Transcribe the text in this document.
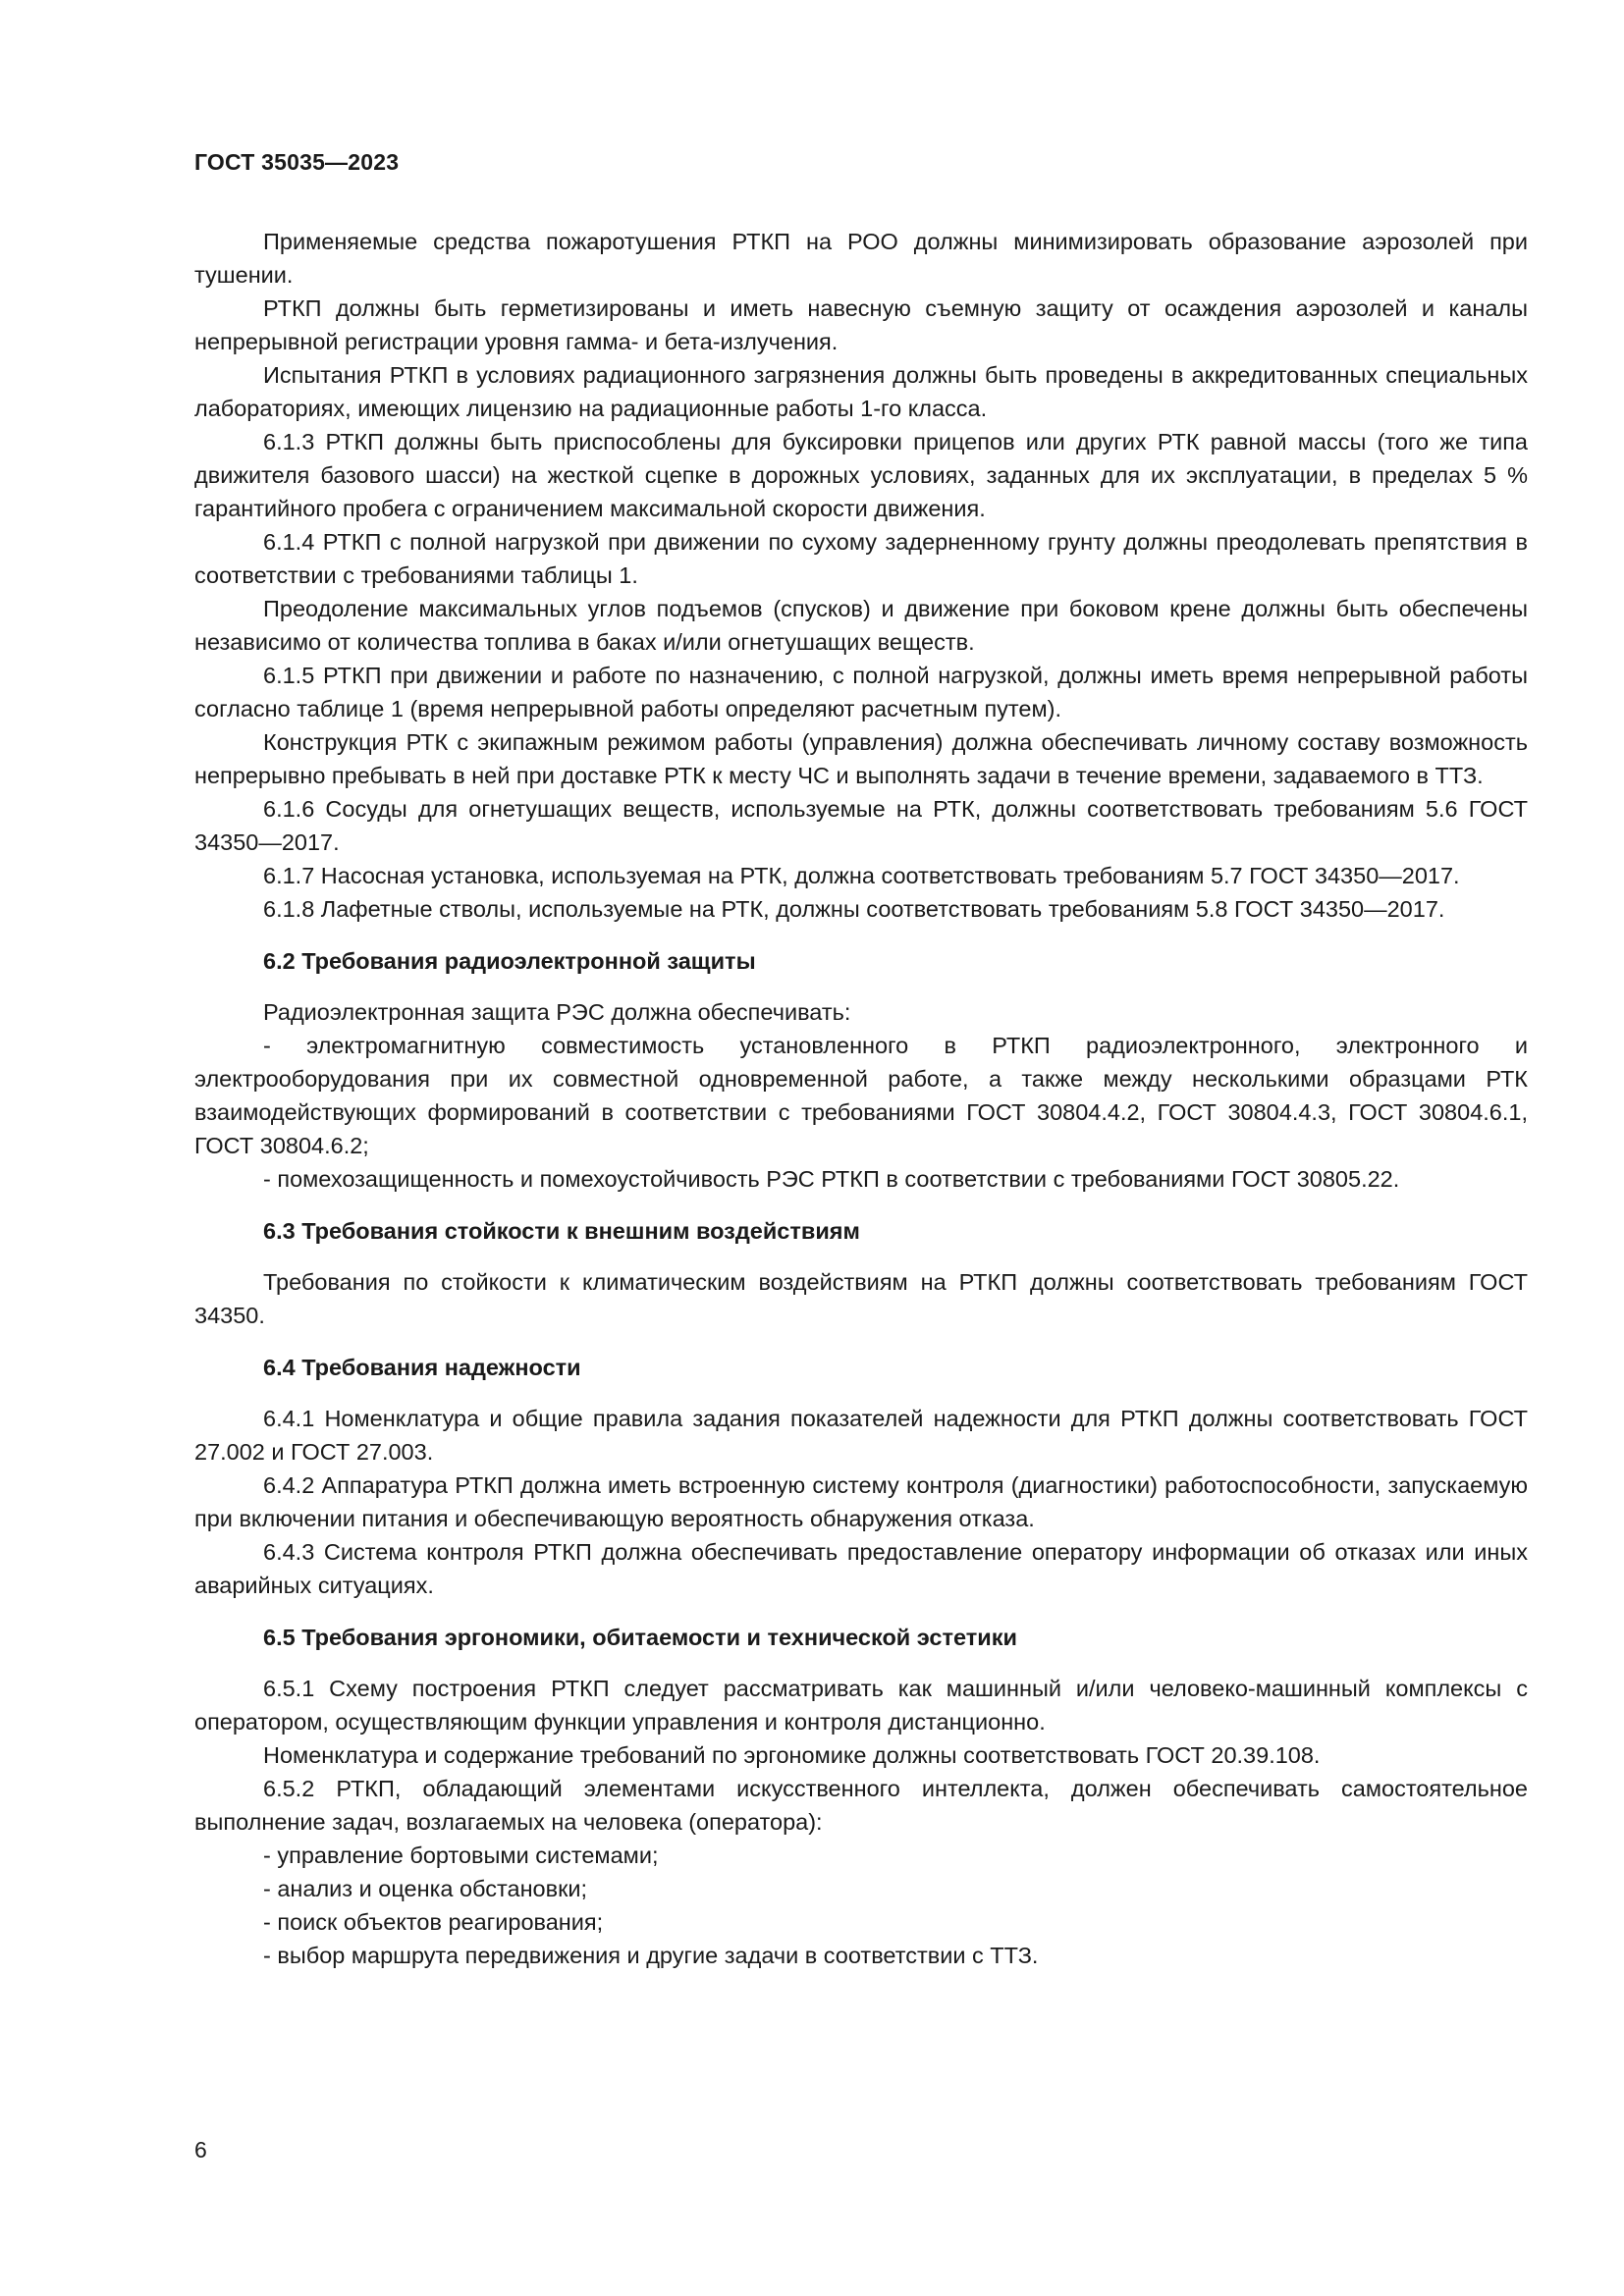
ГОСТ 35035—2023

Применяемые средства пожаротушения РТКП на РОО должны минимизировать образование аэрозолей при тушении.

РТКП должны быть герметизированы и иметь навесную съемную защиту от осаждения аэрозолей и каналы непрерывной регистрации уровня гамма- и бета-излучения.

Испытания РТКП в условиях радиационного загрязнения должны быть проведены в аккредитованных специальных лабораториях, имеющих лицензию на радиационные работы 1-го класса.

6.1.3 РТКП должны быть приспособлены для буксировки прицепов или других РТК равной массы (того же типа движителя базового шасси) на жесткой сцепке в дорожных условиях, заданных для их эксплуатации, в пределах 5 % гарантийного пробега с ограничением максимальной скорости движения.

6.1.4 РТКП с полной нагрузкой при движении по сухому задерненному грунту должны преодолевать препятствия в соответствии с требованиями таблицы 1.

Преодоление максимальных углов подъемов (спусков) и движение при боковом крене должны быть обеспечены независимо от количества топлива в баках и/или огнетушащих веществ.

6.1.5 РТКП при движении и работе по назначению, с полной нагрузкой, должны иметь время непрерывной работы согласно таблице 1 (время непрерывной работы определяют расчетным путем).

Конструкция РТК с экипажным режимом работы (управления) должна обеспечивать личному составу возможность непрерывно пребывать в ней при доставке РТК к месту ЧС и выполнять задачи в течение времени, задаваемого в ТТЗ.

6.1.6 Сосуды для огнетушащих веществ, используемые на РТК, должны соответствовать требованиям 5.6 ГОСТ 34350—2017.

6.1.7 Насосная установка, используемая на РТК, должна соответствовать требованиям 5.7 ГОСТ 34350—2017.

6.1.8 Лафетные стволы, используемые на РТК, должны соответствовать требованиям 5.8 ГОСТ 34350—2017.

6.2 Требования радиоэлектронной защиты

Радиоэлектронная защита РЭС должна обеспечивать:

- электромагнитную совместимость установленного в РТКП радиоэлектронного, электронного и электрооборудования при их совместной одновременной работе, а также между несколькими образцами РТК взаимодействующих формирований в соответствии с требованиями ГОСТ 30804.4.2, ГОСТ 30804.4.3, ГОСТ 30804.6.1, ГОСТ 30804.6.2;

- помехозащищенность и помехоустойчивость РЭС РТКП в соответствии с требованиями ГОСТ 30805.22.

6.3 Требования стойкости к внешним воздействиям

Требования по стойкости к климатическим воздействиям на РТКП должны соответствовать требованиям ГОСТ 34350.

6.4 Требования надежности

6.4.1 Номенклатура и общие правила задания показателей надежности для РТКП должны соответствовать ГОСТ 27.002 и ГОСТ 27.003.

6.4.2 Аппаратура РТКП должна иметь встроенную систему контроля (диагностики) работоспособности, запускаемую при включении питания и обеспечивающую вероятность обнаружения отказа.

6.4.3 Система контроля РТКП должна обеспечивать предоставление оператору информации об отказах или иных аварийных ситуациях.

6.5 Требования эргономики, обитаемости и технической эстетики

6.5.1 Схему построения РТКП следует рассматривать как машинный и/или человеко-машинный комплексы с оператором, осуществляющим функции управления и контроля дистанционно.

Номенклатура и содержание требований по эргономике должны соответствовать ГОСТ 20.39.108.

6.5.2 РТКП, обладающий элементами искусственного интеллекта, должен обеспечивать самостоятельное выполнение задач, возлагаемых на человека (оператора):

- управление бортовыми системами;

- анализ и оценка обстановки;

- поиск объектов реагирования;

- выбор маршрута передвижения и другие задачи в соответствии с ТТЗ.

6
